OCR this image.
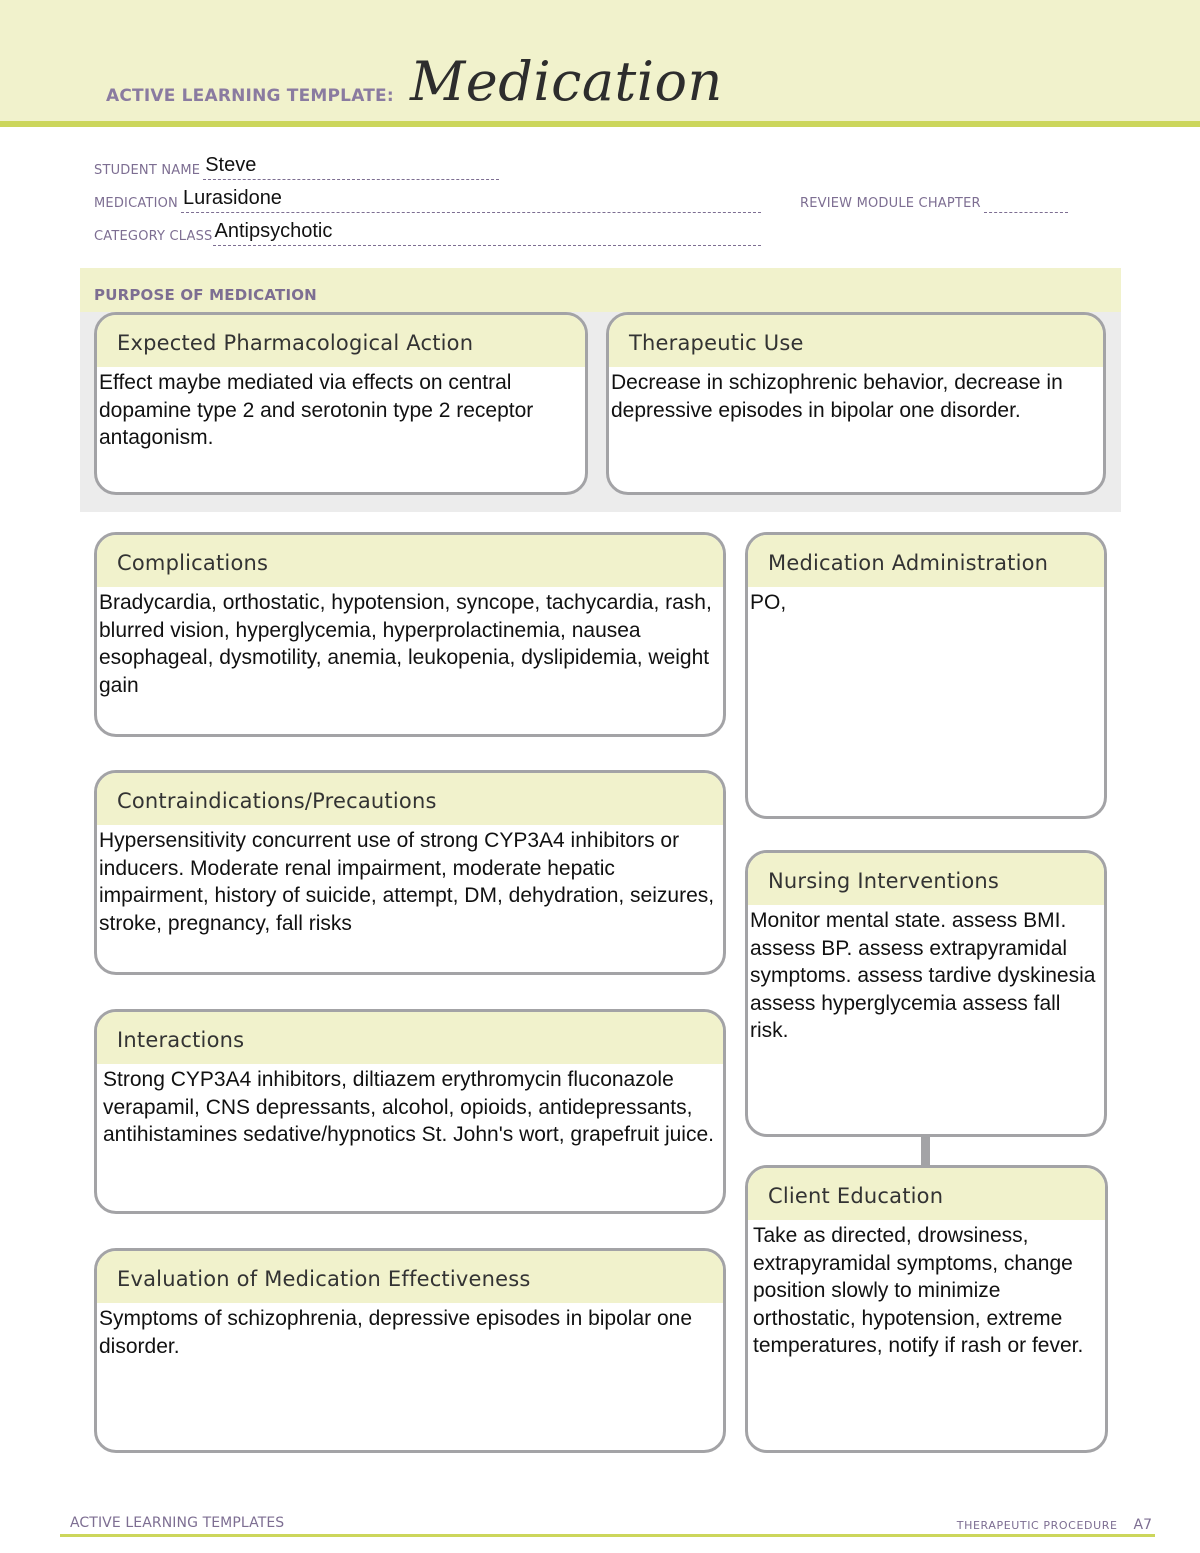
ACTIVE LEARNING TEMPLATE: Medication
STUDENT NAME Steve
MEDICATION Lurasidone	REVIEW MODULE CHAPTER
CATEGORY CLASS Antipsychotic
PURPOSE OF MEDICATION
Expected Pharmacological Action
Effect maybe mediated via effects on central dopamine type 2 and serotonin type 2 receptor antagonism.
Therapeutic Use
Decrease in schizophrenic behavior, decrease in depressive episodes in bipolar one disorder.
Complications
Bradycardia, orthostatic, hypotension, syncope, tachycardia, rash, blurred vision, hyperglycemia, hyperprolactinemia, nausea esophageal, dysmotility, anemia, leukopenia, dyslipidemia, weight gain
Contraindications/Precautions
Hypersensitivity concurrent use of strong CYP3A4 inhibitors or inducers. Moderate renal impairment, moderate hepatic impairment, history of suicide, attempt, DM, dehydration, seizures, stroke, pregnancy, fall risks
Interactions
Strong CYP3A4 inhibitors, diltiazem erythromycin fluconazole verapamil, CNS depressants, alcohol, opioids, antidepressants, antihistamines sedative/hypnotics St. John's wort, grapefruit juice.
Evaluation of Medication Effectiveness
Symptoms of schizophrenia, depressive episodes in bipolar one disorder.
Medication Administration
PO,
Nursing Interventions
Monitor mental state. assess BMI. assess BP. assess extrapyramidal symptoms. assess tardive dyskinesia assess hyperglycemia assess fall risk.
Client Education
Take as directed, drowsiness, extrapyramidal symptoms, change position slowly to minimize orthostatic, hypotension, extreme temperatures, notify if rash or fever.
ACTIVE LEARNING TEMPLATES	THERAPEUTIC PROCEDURE A7
